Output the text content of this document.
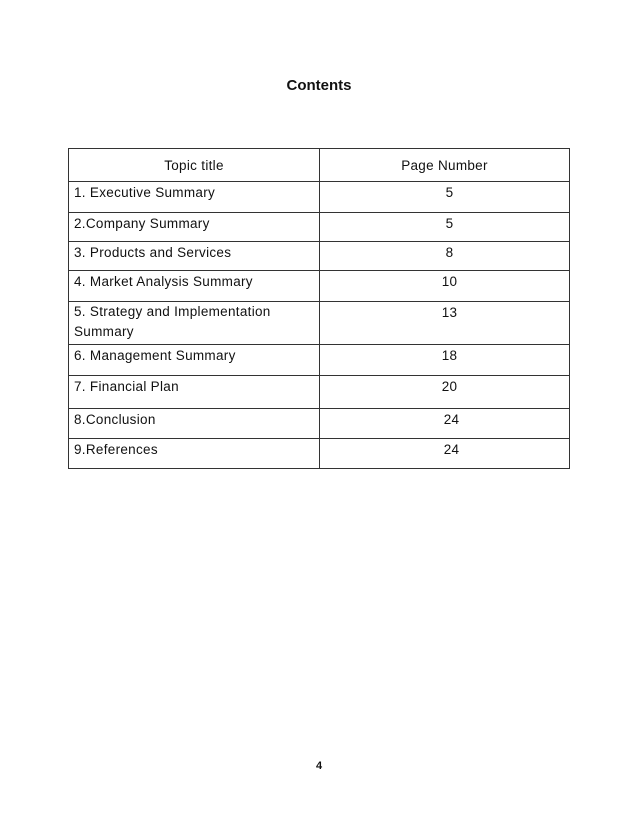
Contents
Topic title	Page Number
1. Executive Summary	5
2.Company Summary	5
3. Products and Services	8
4. Market Analysis Summary	10
5. Strategy and Implementation Summary	13
6. Management Summary	18
7. Financial Plan	20
8.Conclusion	24
9.References	24
4
